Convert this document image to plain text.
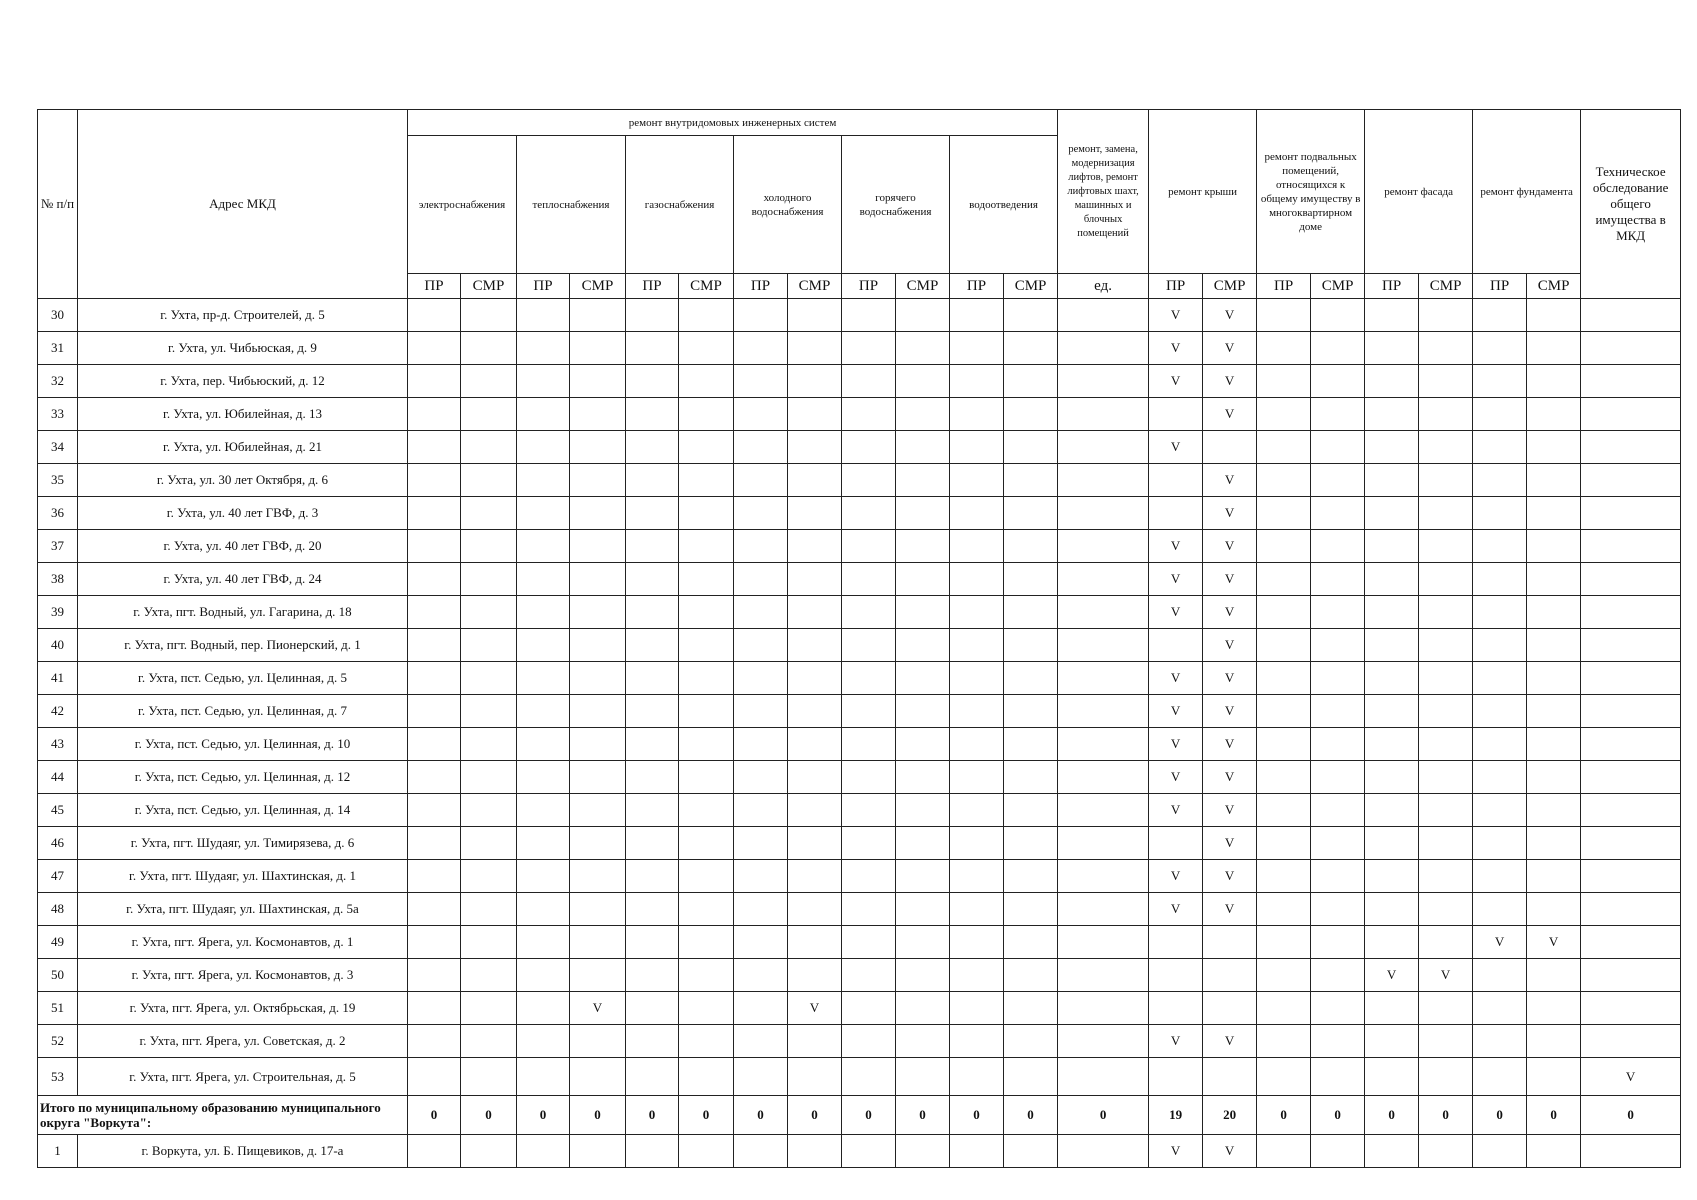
№ п/п	Адрес МКД	ремонт внутридомовых инженерных систем												ремонт, замена, модернизация лифтов, ремонт лифтовых шахт, машинных и блочных помещений	ремонт крыши		ремонт подвальных помещений, относящихся к общему имуществу в многоквартирном доме		ремонт фасада		ремонт фундамента		Техническое обследование общего имущества в МКД
		электроснабжения		теплоснабжения		газоснабжения		холодного водоснабжения		горячего водоснабжения		водоотведения											
		ПР	СМР	ПР	СМР	ПР	СМР	ПР	СМР	ПР	СМР	ПР	СМР	ед.	ПР	СМР	ПР	СМР	ПР	СМР	ПР	СМР	
30	г. Ухта, пр-д. Строителей, д. 5														V	V							
31	г. Ухта, ул. Чибьюская, д. 9														V	V							
32	г. Ухта, пер. Чибьюский, д. 12														V	V							
33	г. Ухта, ул. Юбилейная, д. 13															V							
34	г. Ухта, ул. Юбилейная, д. 21														V								
35	г. Ухта, ул. 30 лет Октября, д. 6															V							
36	г. Ухта, ул. 40 лет ГВФ, д. 3															V							
37	г. Ухта, ул. 40 лет ГВФ, д. 20														V	V							
38	г. Ухта, ул. 40 лет ГВФ, д. 24														V	V							
39	г. Ухта, пгт. Водный, ул. Гагарина, д. 18														V	V							
40	г. Ухта, пгт. Водный, пер. Пионерский, д. 1															V							
41	г. Ухта, пст. Седью, ул. Целинная, д. 5														V	V							
42	г. Ухта, пст. Седью, ул. Целинная, д. 7														V	V							
43	г. Ухта, пст. Седью, ул. Целинная, д. 10														V	V							
44	г. Ухта, пст. Седью, ул. Целинная, д. 12														V	V							
45	г. Ухта, пст. Седью, ул. Целинная, д. 14														V	V							
46	г. Ухта, пгт. Шудаяг, ул. Тимирязева, д. 6															V							
47	г. Ухта, пгт. Шудаяг, ул. Шахтинская, д. 1														V	V							
48	г. Ухта, пгт. Шудаяг, ул. Шахтинская, д. 5а														V	V							
49	г. Ухта, пгт. Ярега, ул. Космонавтов, д. 1																				V	V	
50	г. Ухта, пгт. Ярега, ул. Космонавтов, д. 3																		V	V			
51	г. Ухта, пгт. Ярега, ул. Октябрьская, д. 19				V				V														
52	г. Ухта, пгт. Ярега, ул. Советская, д. 2														V	V							
53	г. Ухта, пгт. Ярега, ул. Строительная, д. 5																						V
Итого по муниципальному образованию муниципального округа "Воркута":		0	0	0	0	0	0	0	0	0	0	0	0	0	19	20	0	0	0	0	0	0	0
1	г. Воркута, ул. Б. Пищевиков, д. 17-а														V	V							
